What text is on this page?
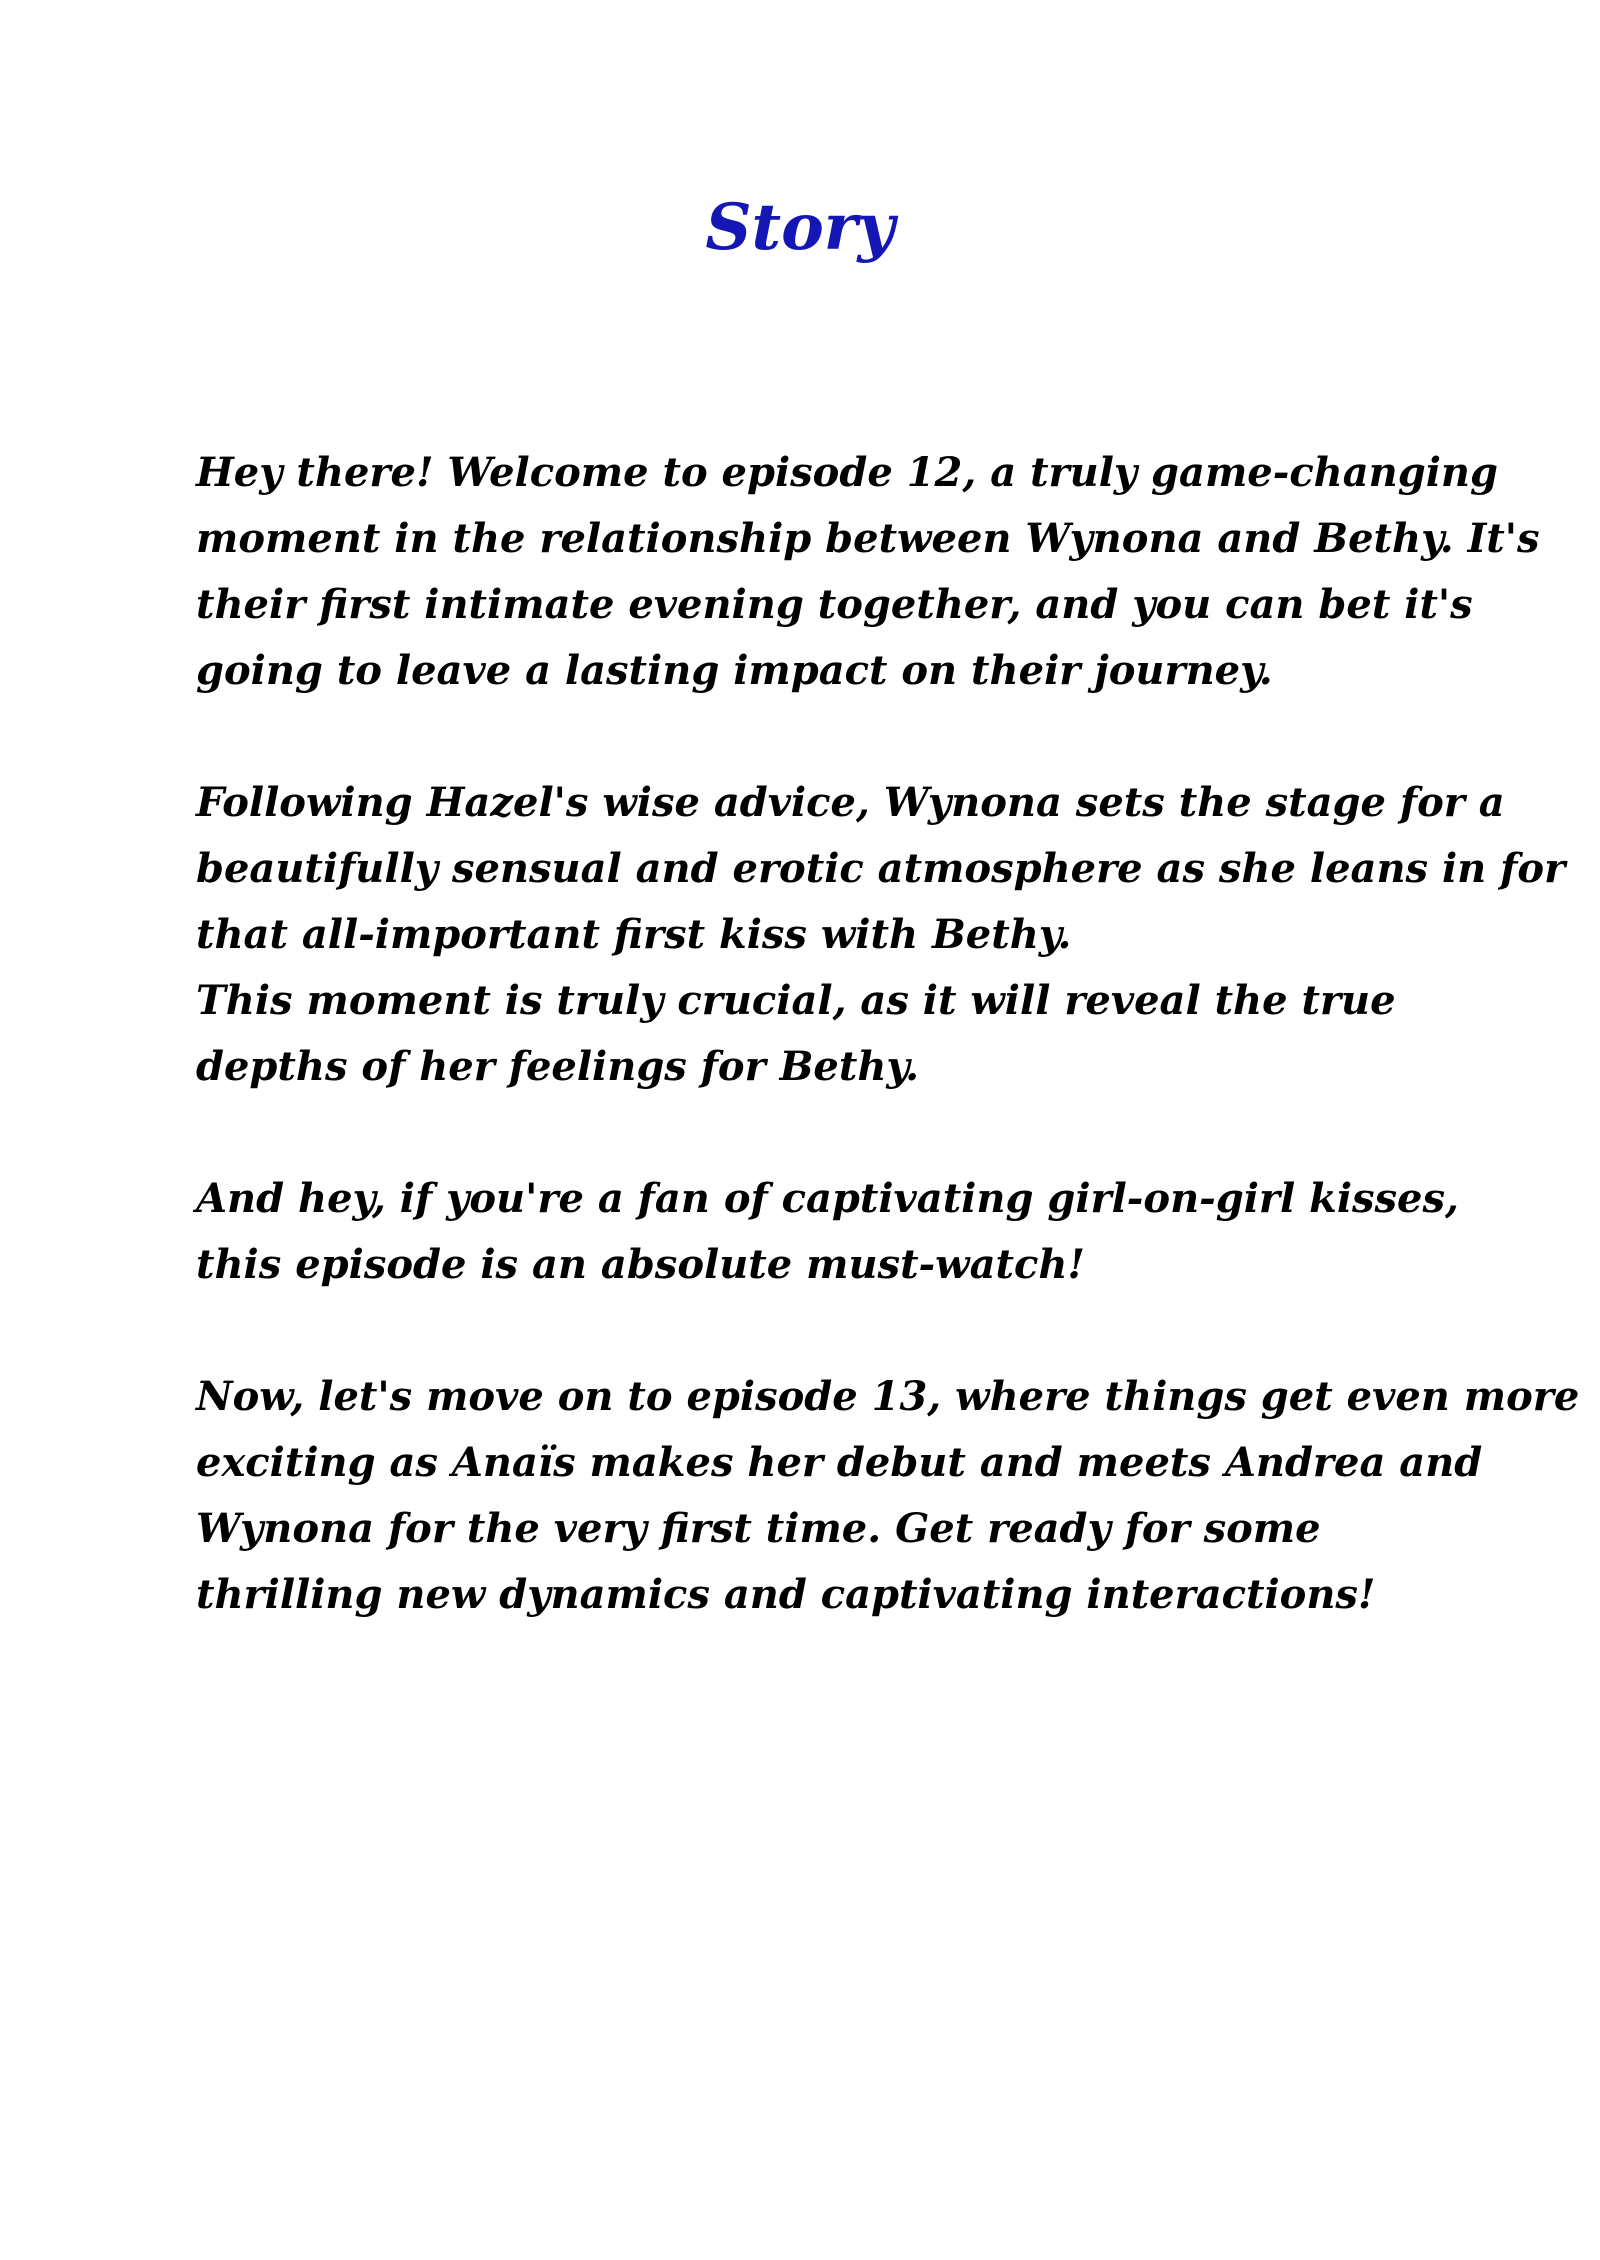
Story

Hey there! Welcome to episode 12, a truly game-changing
moment in the relationship between Wynona and Bethy. It's
their first intimate evening together, and you can bet it's
going to leave a lasting impact on their journey.

Following Hazel's wise advice, Wynona sets the stage for a
beautifully sensual and erotic atmosphere as she leans in for
that all-important first kiss with Bethy.
This moment is truly crucial, as it will reveal the true
depths of her feelings for Bethy.

And hey, if you're a fan of captivating girl-on-girl kisses,
this episode is an absolute must-watch!

Now, let's move on to episode 13, where things get even more
exciting as Anaïs makes her debut and meets Andrea and
Wynona for the very first time. Get ready for some
thrilling new dynamics and captivating interactions!
